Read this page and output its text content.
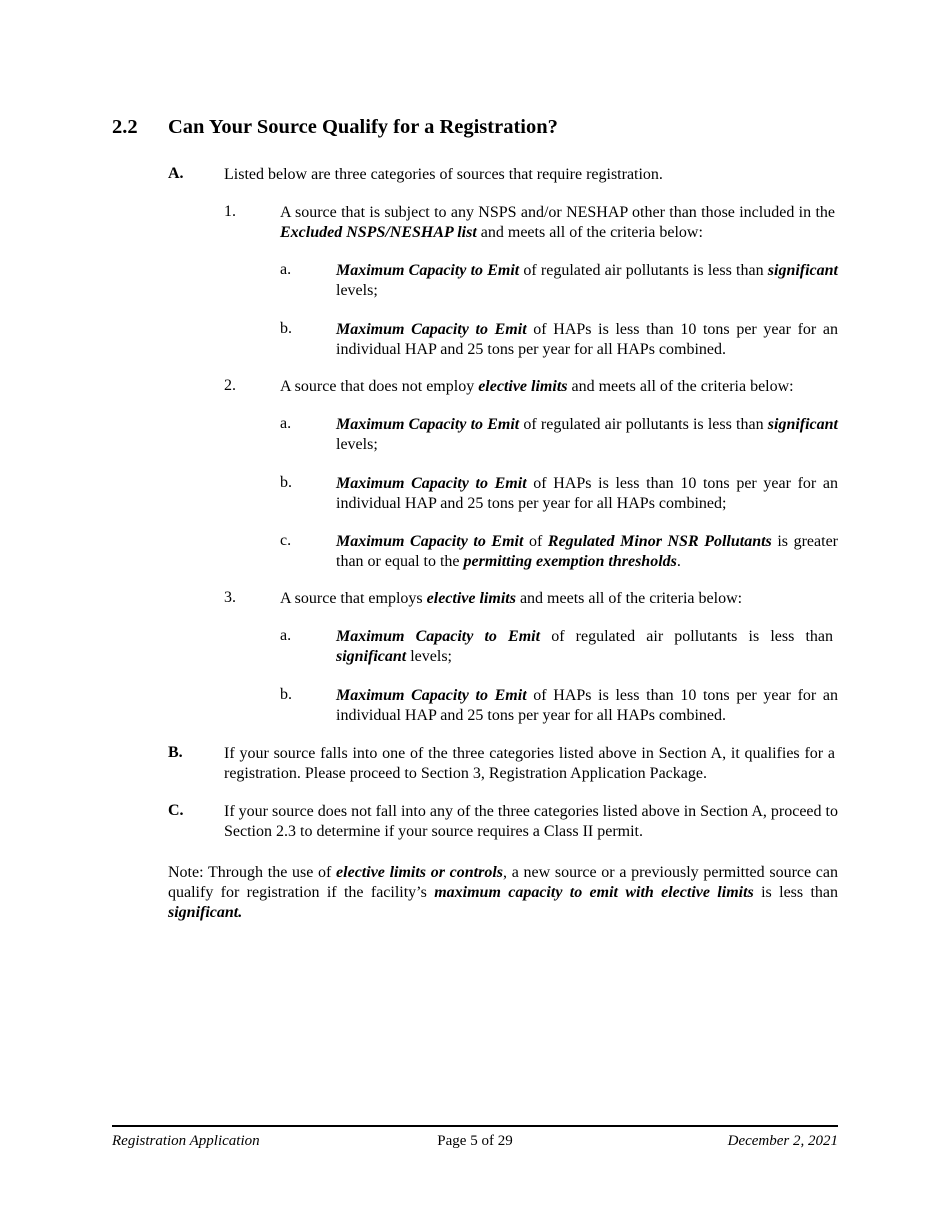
2.2 Can Your Source Qualify for a Registration?
A.	Listed below are three categories of sources that require registration.
1.	A source that is subject to any NSPS and/or NESHAP other than those included in the Excluded NSPS/NESHAP list and meets all of the criteria below:
a.	Maximum Capacity to Emit of regulated air pollutants is less than significant levels;
b.	Maximum Capacity to Emit of HAPs is less than 10 tons per year for an individual HAP and 25 tons per year for all HAPs combined.
2.	A source that does not employ elective limits and meets all of the criteria below:
a.	Maximum Capacity to Emit of regulated air pollutants is less than significant levels;
b.	Maximum Capacity to Emit of HAPs is less than 10 tons per year for an individual HAP and 25 tons per year for all HAPs combined;
c.	Maximum Capacity to Emit of Regulated Minor NSR Pollutants is greater than or equal to the permitting exemption thresholds.
3.	A source that employs elective limits and meets all of the criteria below:
a.	Maximum Capacity to Emit of regulated air pollutants is less than significant levels;
b.	Maximum Capacity to Emit of HAPs is less than 10 tons per year for an individual HAP and 25 tons per year for all HAPs combined.
B.	If your source falls into one of the three categories listed above in Section A, it qualifies for a registration. Please proceed to Section 3, Registration Application Package.
C.	If your source does not fall into any of the three categories listed above in Section A, proceed to Section 2.3 to determine if your source requires a Class II permit.
Note: Through the use of elective limits or controls, a new source or a previously permitted source can qualify for registration if the facility’s maximum capacity to emit with elective limits is less than significant.
Registration Application	Page 5 of 29	December 2, 2021
